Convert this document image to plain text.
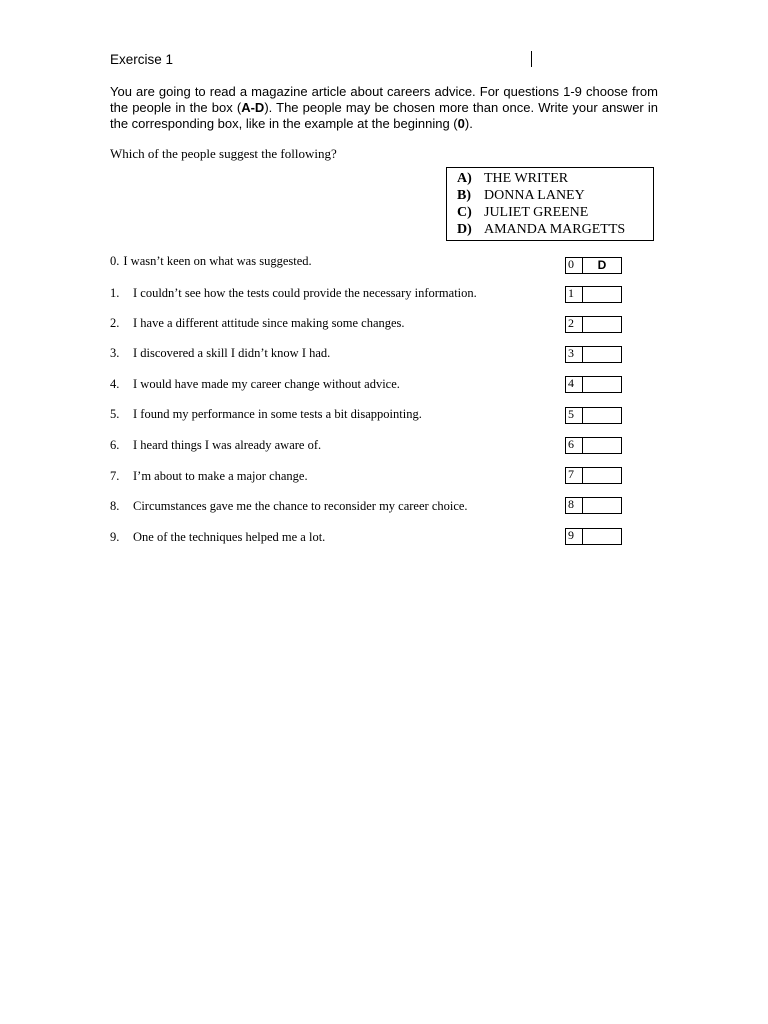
Exercise 1
You are going to read a magazine article about careers advice. For questions 1-9 choose from the people in the box (A-D). The people may be chosen more than once. Write your answer in the corresponding box, like in the example at the beginning (0).
Which of the people suggest the following?
A) THE WRITER
B) DONNA LANEY
C) JULIET GREENE
D) AMANDA MARGETTS
0. I wasn’t keen on what was suggested.	0	D
1. I couldn’t see how the tests could provide the necessary information.	1
2. I have a different attitude since making some changes.	2
3. I discovered a skill I didn’t know I had.	3
4. I would have made my career change without advice.	4
5. I found my performance in some tests a bit disappointing.	5
6. I heard things I was already aware of.	6
7. I’m about to make a major change.	7
8. Circumstances gave me the chance to reconsider my career choice.	8
9. One of the techniques helped me a lot.	9
